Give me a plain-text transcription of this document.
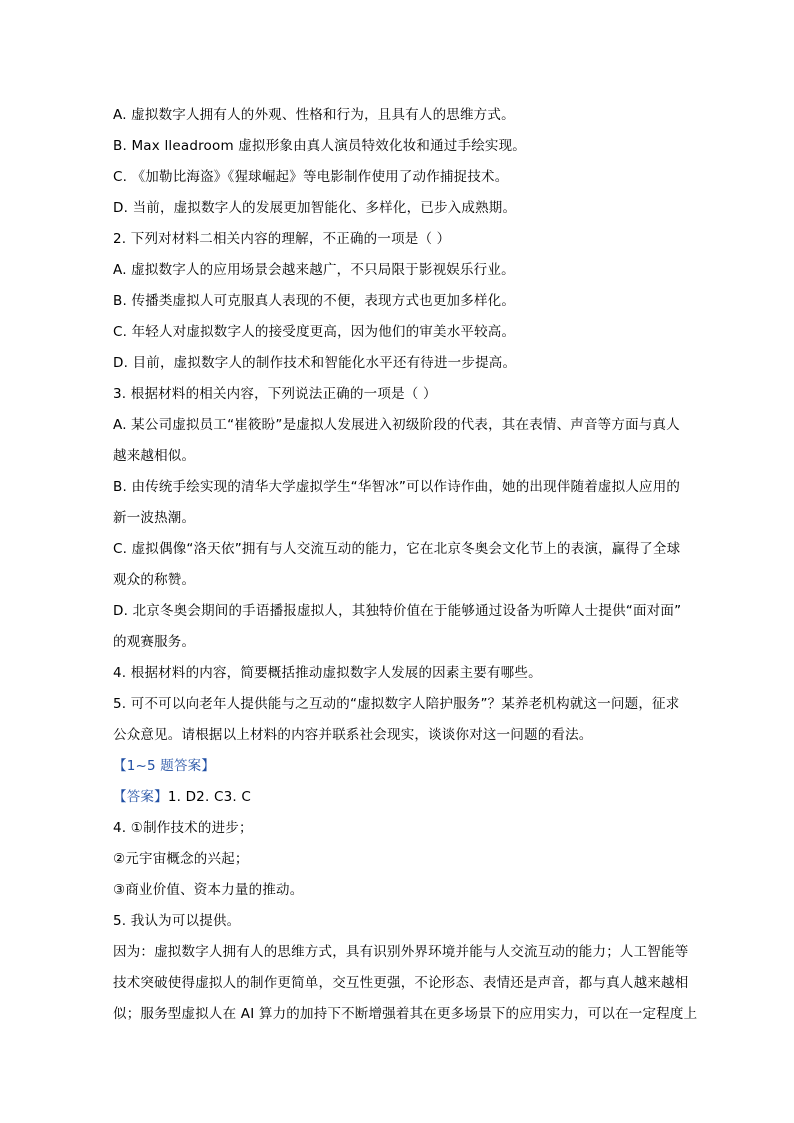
A. 虚拟数字人拥有人的外观、性格和行为，且具有人的思维方式。
B. Max lleadroom 虚拟形象由真人演员特效化妆和通过手绘实现。
C. 《加勒比海盗》《猩球崛起》等电影制作使用了动作捕捉技术。
D. 当前，虚拟数字人的发展更加智能化、多样化，已步入成熟期。
2. 下列对材料二相关内容的理解，不正确的一项是（ ）
A. 虚拟数字人的应用场景会越来越广，不只局限于影视娱乐行业。
B. 传播类虚拟人可克服真人表现的不便，表现方式也更加多样化。
C. 年轻人对虚拟数字人的接受度更高，因为他们的审美水平较高。
D. 目前，虚拟数字人的制作技术和智能化水平还有待进一步提高。
3. 根据材料的相关内容，下列说法正确的一项是（ ）
A. 某公司虚拟员工“崔筱盼”是虚拟人发展进入初级阶段的代表，其在表情、声音等方面与真人
越来越相似。
B. 由传统手绘实现的清华大学虚拟学生“华智冰”可以作诗作曲，她的出现伴随着虚拟人应用的
新一波热潮。
C. 虚拟偶像“洛天依”拥有与人交流互动的能力，它在北京冬奥会文化节上的表演，赢得了全球
观众的称赞。
D. 北京冬奥会期间的手语播报虚拟人，其独特价值在于能够通过设备为听障人士提供“面对面”
的观赛服务。
4. 根据材料的内容，简要概括推动虚拟数字人发展的因素主要有哪些。
5. 可不可以向老年人提供能与之互动的“虚拟数字人陪护服务”？某养老机构就这一问题，征求
公众意见。请根据以上材料的内容并联系社会现实，谈谈你对这一问题的看法。
【1~5 题答案】
【答案】1. D2. C3. C
4. ①制作技术的进步；
②元宇宙概念的兴起；
③商业价值、资本力量的推动。
5. 我认为可以提供。
因为：虚拟数字人拥有人的思维方式，具有识别外界环境并能与人交流互动的能力；人工智能等
技术突破使得虚拟人的制作更简单，交互性更强，不论形态、表情还是声音，都与真人越来越相
似；服务型虚拟人在 AI 算力的加持下不断增强着其在更多场景下的应用实力，可以在一定程度上
